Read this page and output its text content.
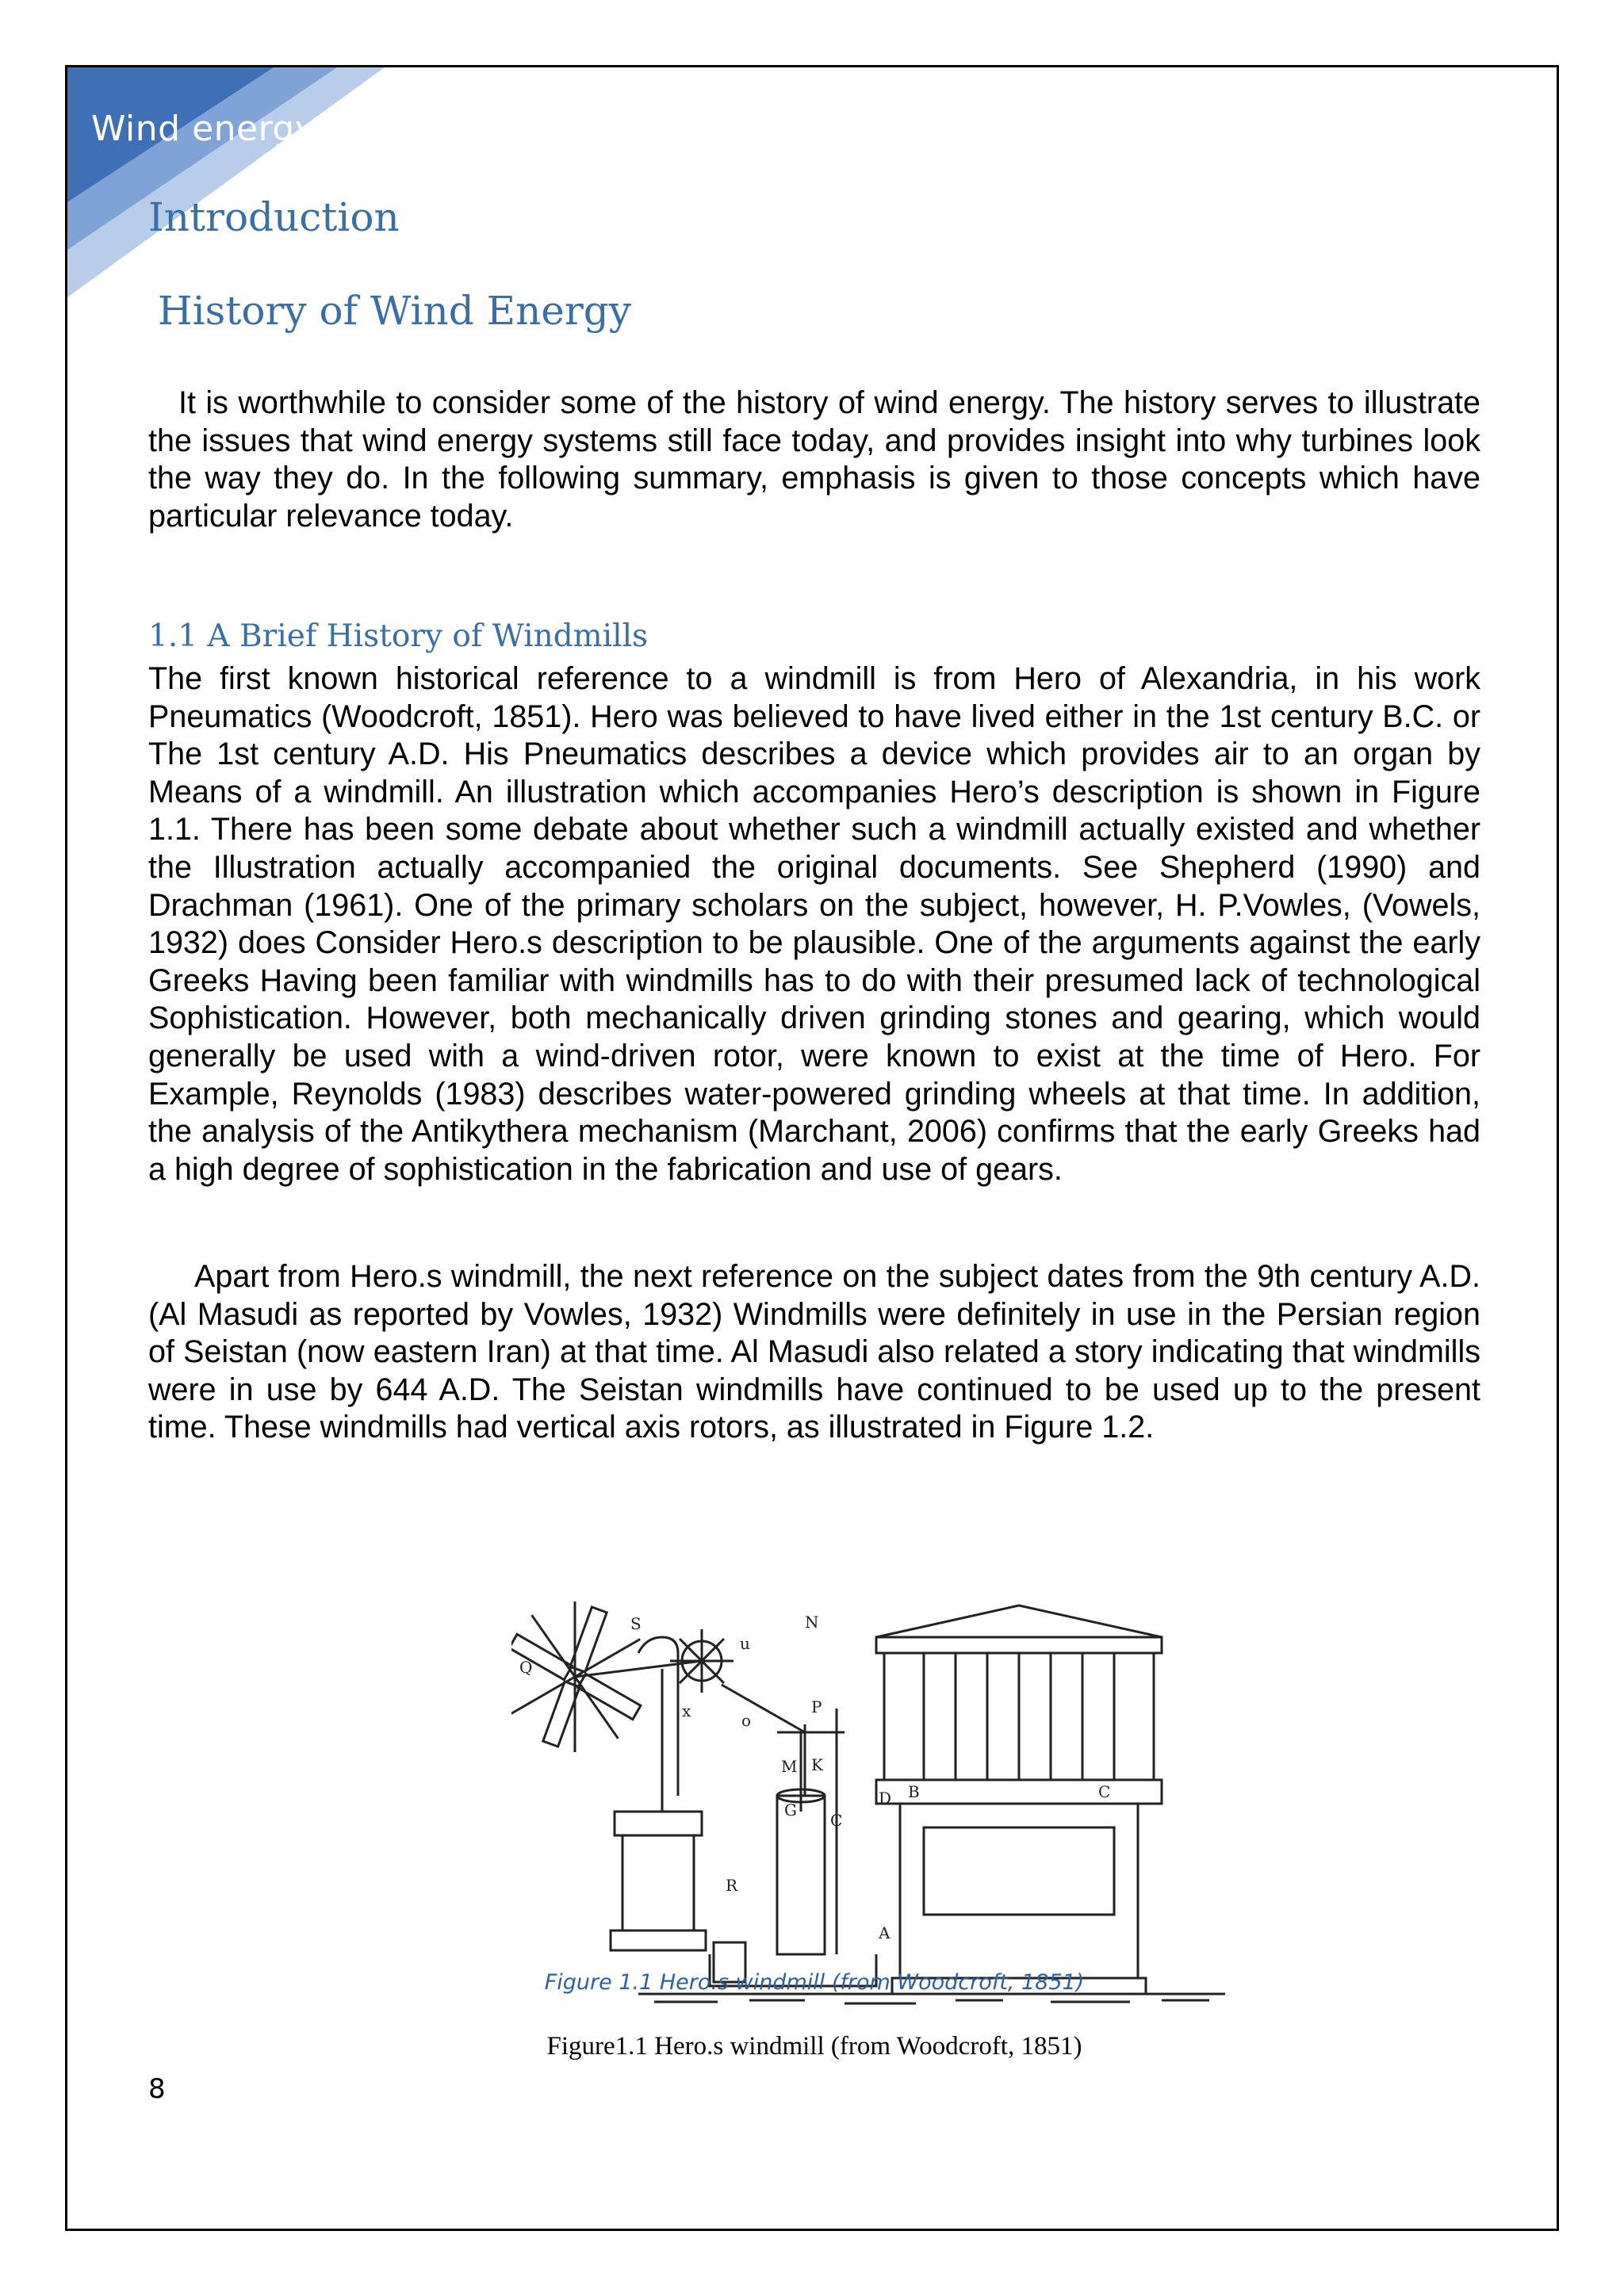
Wind energy
Introduction
History of Wind Energy

It is worthwhile to consider some of the history of wind energy. The history serves to illustrate the issues that wind energy systems still face today, and provides insight into why turbines look the way they do. In the following summary, emphasis is given to those concepts which have particular relevance today.

1.1 A Brief History of Windmills

The first known historical reference to a windmill is from Hero of Alexandria, in his work Pneumatics (Woodcroft, 1851). Hero was believed to have lived either in the 1st century B.C. or The 1st century A.D. His Pneumatics describes a device which provides air to an organ by Means of a windmill. An illustration which accompanies Hero’s description is shown in Figure 1.1. There has been some debate about whether such a windmill actually existed and whether the Illustration actually accompanied the original documents. See Shepherd (1990) and Drachman (1961). One of the primary scholars on the subject, however, H. P.Vowles, (Vowels, 1932) does Consider Hero.s description to be plausible. One of the arguments against the early Greeks Having been familiar with windmills has to do with their presumed lack of technological Sophistication. However, both mechanically driven grinding stones and gearing, which would generally be used with a wind-driven rotor, were known to exist at the time of Hero. For Example, Reynolds (1983) describes water-powered grinding wheels at that time. In addition, the analysis of the Antikythera mechanism (Marchant, 2006) confirms that the early Greeks had a high degree of sophistication in the fabrication and use of gears.

Apart from Hero.s windmill, the next reference on the subject dates from the 9th century A.D. (Al Masudi as reported by Vowles, 1932) Windmills were definitely in use in the Persian region of Seistan (now eastern Iran) at that time. Al Masudi also related a story indicating that windmills were in use by 644 A.D. The Seistan windmills have continued to be used up to the present time. These windmills had vertical axis rotors, as illustrated in Figure 1.2.

Q
S
u
x	o
N
P
M K
G
C
R
D B	C
A
Figure 1.1 Hero.s windmill (from Woodcroft, 1851)
Figure1.1 Hero.s windmill (from Woodcroft, 1851)
8
